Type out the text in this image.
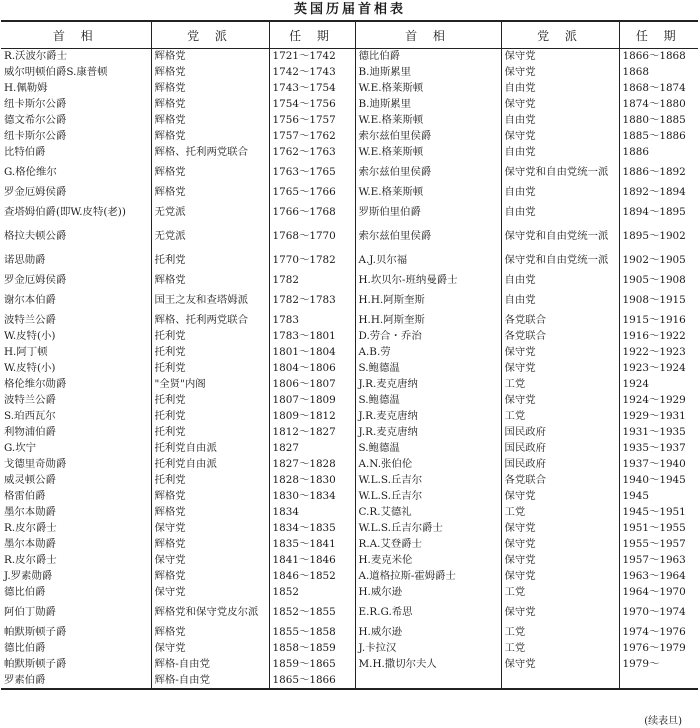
英国历届首相表
首 相	党 派	任 期	首 相	党 派	任 期
R.沃波尔爵士	辉格党	1721～1742	德比伯爵	保守党	1866～1868
威尔明顿伯爵S.康普顿	辉格党	1742～1743	B.迪斯累里	保守党	1868
H.佩勒姆	辉格党	1743～1754	W.E.格莱斯顿	自由党	1868～1874
纽卡斯尔公爵	辉格党	1754～1756	B.迪斯累里	保守党	1874～1880
德文希尔公爵	辉格党	1756～1757	W.E.格莱斯顿	自由党	1880～1885
纽卡斯尔公爵	辉格党	1757～1762	索尔兹伯里侯爵	保守党	1885～1886
比特伯爵	辉格、托利两党联合	1762～1763	W.E.格莱斯顿	自由党	1886
G.格伦维尔	辉格党	1763～1765	索尔兹伯里侯爵	保守党和自由党统一派	1886～1892
罗金厄姆侯爵	辉格党	1765～1766	W.E.格莱斯顿	自由党	1892～1894
查塔姆伯爵(即W.皮特(老))	无党派	1766～1768	罗斯伯里伯爵	自由党	1894～1895
格拉夫顿公爵	无党派	1768～1770	索尔兹伯里侯爵	保守党和自由党统一派	1895～1902
诺思勋爵	托利党	1770～1782	A.J.贝尔福	保守党和自由党统一派	1902～1905
罗金厄姆侯爵	辉格党	1782	H.坎贝尔-班纳曼爵士	自由党	1905～1908
谢尔本伯爵	国王之友和查塔姆派	1782～1783	H.H.阿斯奎斯	自由党	1908～1915
波特兰公爵	辉格、托利两党联合	1783	H.H.阿斯奎斯	各党联合	1915～1916
W.皮特(小)	托利党	1783～1801	D.劳合・乔治	各党联合	1916～1922
H.阿丁顿	托利党	1801～1804	A.B.劳	保守党	1922～1923
W.皮特(小)	托利党	1804～1806	S.鲍德温	保守党	1923～1924
格伦维尔勋爵	"全贤"内阁	1806～1807	J.R.麦克唐纳	工党	1924
波特兰公爵	托利党	1807～1809	S.鲍德温	保守党	1924～1929
S.珀西瓦尔	托利党	1809～1812	J.R.麦克唐纳	工党	1929～1931
利物浦伯爵	托利党	1812～1827	J.R.麦克唐纳	国民政府	1931～1935
G.坎宁	托利党自由派	1827	S.鲍德温	国民政府	1935～1937
戈德里奇勋爵	托利党自由派	1827～1828	A.N.张伯伦	国民政府	1937～1940
威灵顿公爵	托利党	1828～1830	W.L.S.丘吉尔	各党联合	1940～1945
格雷伯爵	辉格党	1830～1834	W.L.S.丘吉尔	保守党	1945
墨尔本勋爵	辉格党	1834	C.R.艾德礼	工党	1945～1951
R.皮尔爵士	保守党	1834～1835	W.L.S.丘吉尔爵士	保守党	1951～1955
墨尔本勋爵	辉格党	1835～1841	R.A.艾登爵士	保守党	1955～1957
R.皮尔爵士	保守党	1841～1846	H.麦克米伦	保守党	1957～1963
J.罗素勋爵	辉格党	1846～1852	A.道格拉斯-霍姆爵士	保守党	1963～1964
德比伯爵	保守党	1852	H.威尔逊	工党	1964～1970
阿伯丁勋爵	辉格党和保守党皮尔派	1852～1855	E.R.G.希思	保守党	1970～1974
帕默斯顿子爵	辉格党	1855～1858	H.威尔逊	工党	1974～1976
德比伯爵	保守党	1858～1859	J.卡拉汉	工党	1976～1979
帕默斯顿子爵	辉格-自由党	1859～1865	M.H.撒切尔夫人	保守党	1979～
罗素伯爵	辉格-自由党	1865～1866			
(续表旦)
